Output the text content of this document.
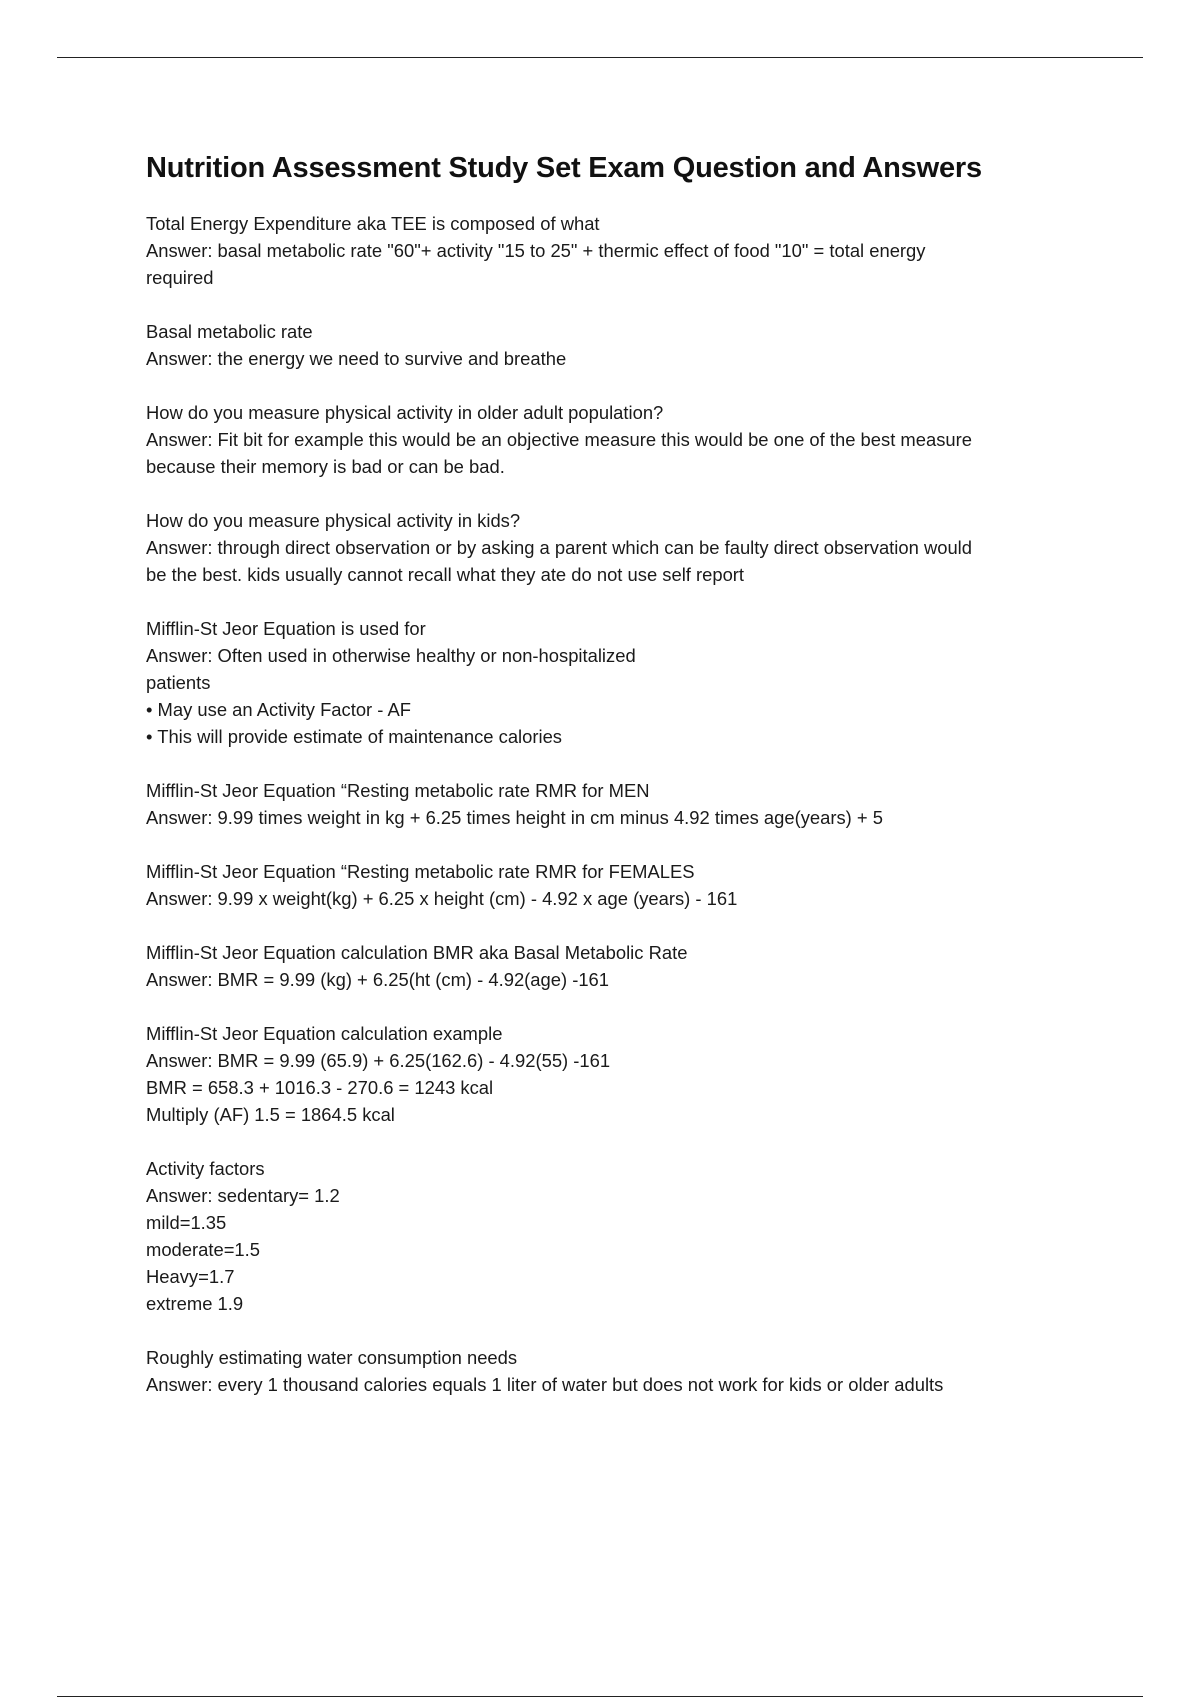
Nutrition Assessment Study Set Exam Question and Answers
Total Energy Expenditure aka TEE is composed of what
Answer: basal metabolic rate "60"+ activity "15 to 25" + thermic effect of food "10" = total energy
required
Basal metabolic rate
Answer: the energy we need to survive and breathe
How do you measure physical activity in older adult population?
Answer: Fit bit for example this would be an objective measure this would be one of the best measure
because their memory is bad or can be bad.
How do you measure physical activity in kids?
Answer: through direct observation or by asking a parent which can be faulty direct observation would
be the best. kids usually cannot recall what they ate do not use self report
Mifflin-St Jeor Equation is used for
Answer: Often used in otherwise healthy or non-hospitalized
patients
• May use an Activity Factor - AF
• This will provide estimate of maintenance calories
Mifflin-St Jeor Equation “Resting metabolic rate RMR for MEN
Answer: 9.99 times weight in kg + 6.25 times height in cm minus 4.92 times age(years) + 5
Mifflin-St Jeor Equation “Resting metabolic rate RMR for FEMALES
Answer: 9.99 x weight(kg) + 6.25 x height (cm) - 4.92 x age (years) - 161
Mifflin-St Jeor Equation calculation BMR aka Basal Metabolic Rate
Answer: BMR = 9.99 (kg) + 6.25(ht (cm) - 4.92(age) -161
Mifflin-St Jeor Equation calculation example
Answer: BMR = 9.99 (65.9) + 6.25(162.6) - 4.92(55) -161
BMR = 658.3 + 1016.3 - 270.6 = 1243 kcal
Multiply (AF) 1.5 = 1864.5 kcal
Activity factors
Answer: sedentary= 1.2
mild=1.35
moderate=1.5
Heavy=1.7
extreme 1.9
Roughly estimating water consumption needs
Answer: every 1 thousand calories equals 1 liter of water but does not work for kids or older adults
